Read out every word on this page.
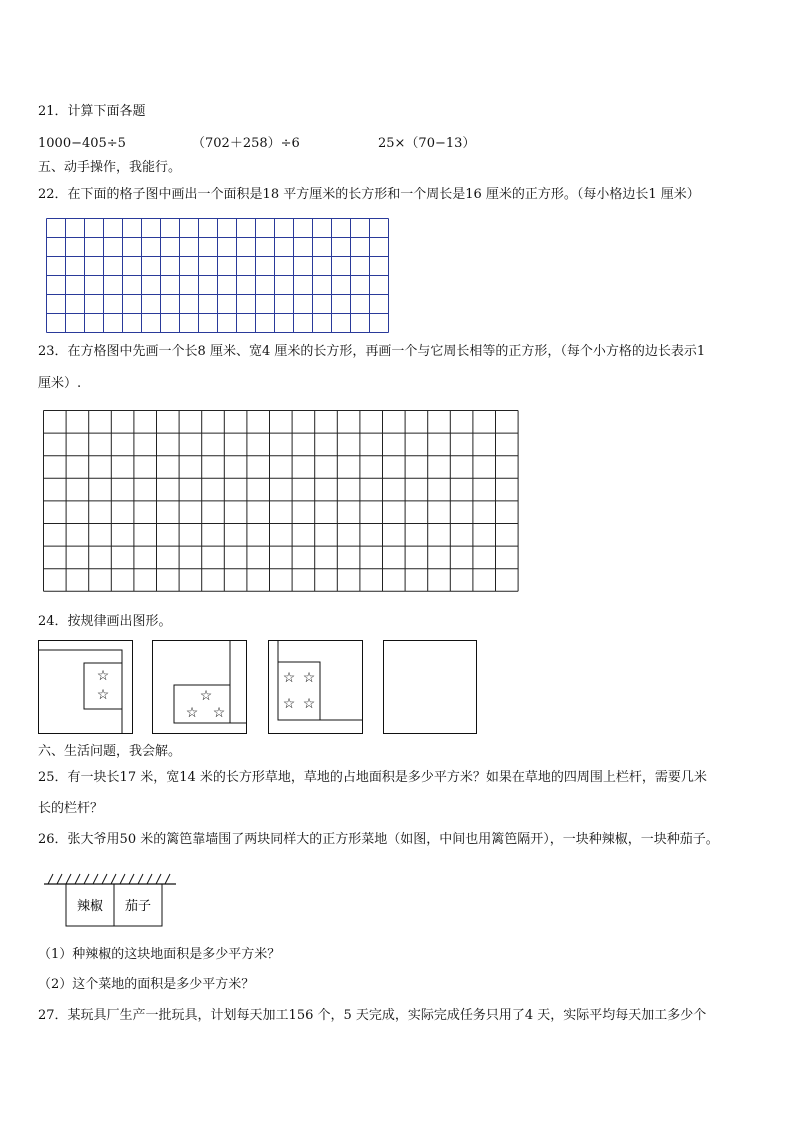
21．计算下面各题
1000−405÷5	（702＋258）÷6	25×（70−13）
五、动手操作，我能行。
22．在下面的格子图中画出一个面积是18 平方厘米的长方形和一个周长是16 厘米的正方形。（每小格边长1 厘米）
23．在方格图中先画一个长8 厘米、宽4 厘米的长方形，再画一个与它周长相等的正方形，（每个小方格的边长表示1
厘米）.
24．按规律画出图形。
☆
☆	☆
☆ ☆
☆ ☆
☆ ☆
六、生活问题，我会解。
25．有一块长17 米，宽14 米的长方形草地，草地的占地面积是多少平方米？如果在草地的四周围上栏杆，需要几米
长的栏杆？
26．张大爷用50 米的篱笆靠墙围了两块同样大的正方形菜地（如图，中间也用篱笆隔开），一块种辣椒，一块种茄子。
辣椒 茄子
（1）种辣椒的这块地面积是多少平方米？
（2）这个菜地的面积是多少平方米？
27．某玩具厂生产一批玩具，计划每天加工156 个，5 天完成，实际完成任务只用了4 天，实际平均每天加工多少个
